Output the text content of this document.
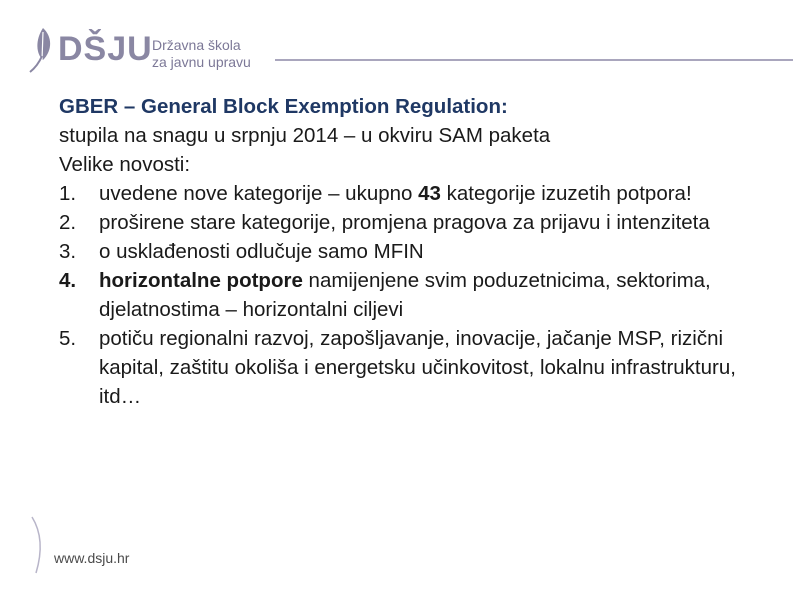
DŠJU Državna škola
za javnu upravu

GBER – General Block Exemption Regulation:

stupila na snagu u srpnju 2014 – u okviru SAM paketa

Velike novosti:

1.	uvedene nove kategorije – ukupno 43 kategorije izuzetih potpora!
2.	proširene stare kategorije, promjena pragova za prijavu i intenziteta
3.	o usklađenosti odlučuje samo MFIN
4.	horizontalne potpore namijenjene svim poduzetnicima, sektorima, djelatnostima – horizontalni ciljevi
5.	potiču regionalni razvoj, zapošljavanje, inovacije, jačanje MSP, rizični kapital, zaštitu okoliša i energetsku učinkovitost, lokalnu infrastrukturu, itd…
www.dsju.hr
